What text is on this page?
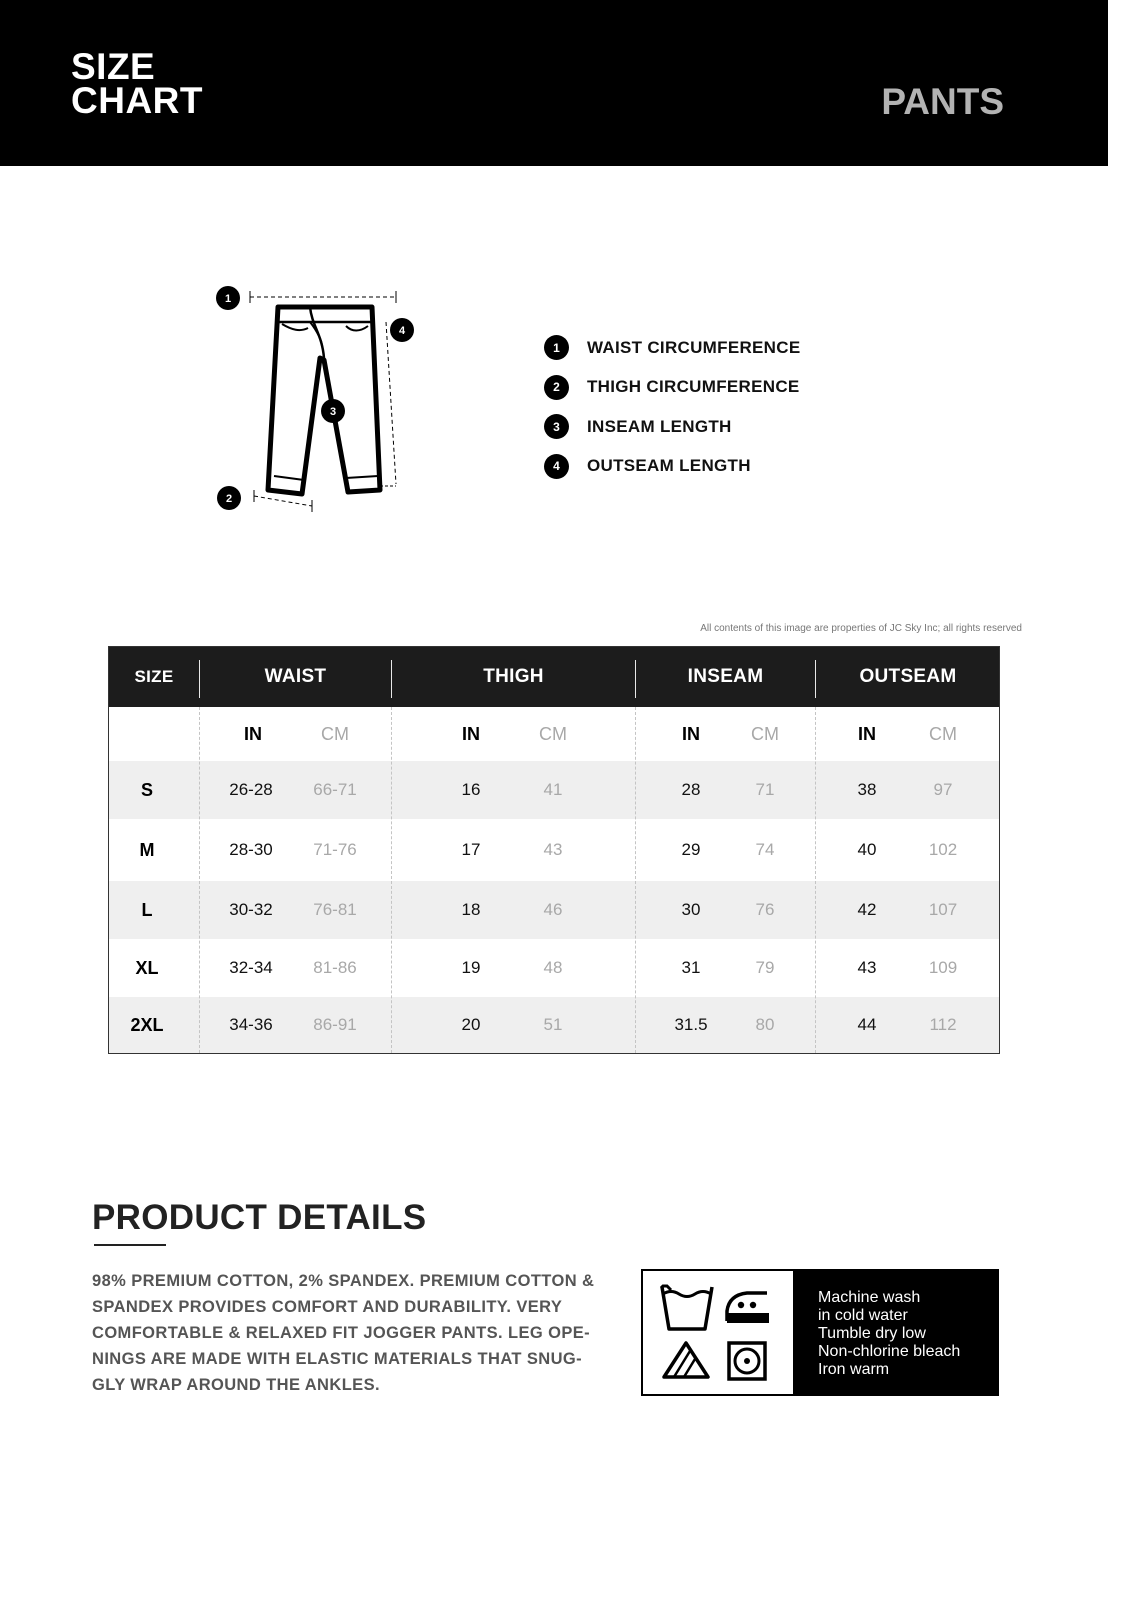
SIZE
CHART	PANTS
1
2
3
4
1	WAIST CIRCUMFERENCE
2	THIGH CIRCUMFERENCE
3	INSEAM LENGTH
4	OUTSEAM LENGTH
All contents of this image are properties of JC Sky Inc; all rights reserved
SIZE	WAIST	THIGH	INSEAM	OUTSEAM
IN	CM	IN	CM	IN	CM	IN	CM
S	26-28	66-71	16	41	28	71	38	97
M	28-30	71-76	17	43	29	74	40	102
L	30-32	76-81	18	46	30	76	42	107
XL	32-34	81-86	19	48	31	79	43	109
2XL	34-36	86-91	20	51	31.5	80	44	112
PRODUCT DETAILS
98% PREMIUM COTTON, 2% SPANDEX. PREMIUM COTTON & SPANDEX PROVIDES COMFORT AND DURABILITY. VERY COMFORTABLE & RELAXED FIT JOGGER PANTS. LEG OPE-NINGS ARE MADE WITH ELASTIC MATERIALS THAT SNUG-GLY WRAP AROUND THE ANKLES.
Machine wash
in cold water
Tumble dry low
Non-chlorine bleach
Iron warm
